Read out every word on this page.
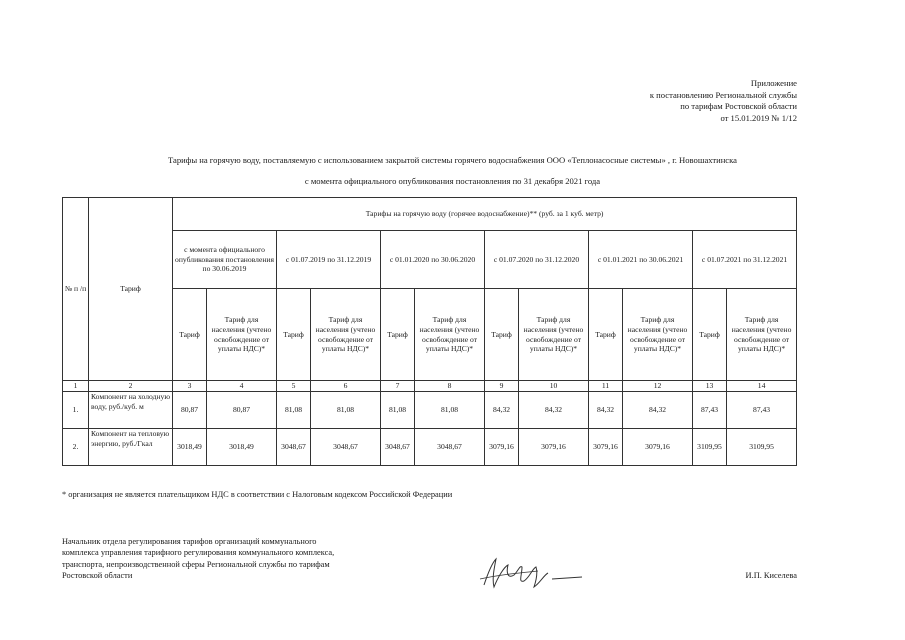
Приложение
к постановлению Региональной службы
по тарифам Ростовской области
от 15.01.2019 № 1/12
Тарифы на горячую воду, поставляемую с использованием закрытой системы горячего водоснабжения ООО «Теплонасосные системы» , г. Новошахтинска
с момента официального опубликования постановления по 31 декабря 2021 года
№ п /п	Тариф	Тарифы на горячую воду (горячее водоснабжение)** (руб. за 1 куб. метр)											
		с момента официального опубликования постановления по 30.06.2019		с 01.07.2019 по 31.12.2019		с 01.01.2020 по 30.06.2020		с 01.07.2020 по 31.12.2020		с 01.01.2021 по 30.06.2021		с 01.07.2021 по 31.12.2021	
		Тариф	Тариф для населения (учтено освобождение от уплаты НДС)*	Тариф	Тариф для населения (учтено освобождение от уплаты НДС)*	Тариф	Тариф для населения (учтено освобождение от уплаты НДС)*	Тариф	Тариф для населения (учтено освобождение от уплаты НДС)*	Тариф	Тариф для населения (учтено освобождение от уплаты НДС)*	Тариф	Тариф для населения (учтено освобождение от уплаты НДС)*
1	2	3	4	5	6	7	8	9	10	11	12	13	14
1.	Компонент на холодную воду, руб./куб. м	80,87	80,87	81,08	81,08	81,08	81,08	84,32	84,32	84,32	84,32	87,43	87,43
2.	Компонент на тепловую энергию, руб./Гкал	3018,49	3018,49	3048,67	3048,67	3048,67	3048,67	3079,16	3079,16	3079,16	3079,16	3109,95	3109,95
* организация не является плательщиком НДС в соответствии с Налоговым кодексом Российской Федерации
Начальник отдела регулирования тарифов организаций коммунального
комплекса управления тарифного регулирования коммунального комплекса,
транспорта, непроизводственной сферы Региональной службы по тарифам
Ростовской области	И.П. Киселева
